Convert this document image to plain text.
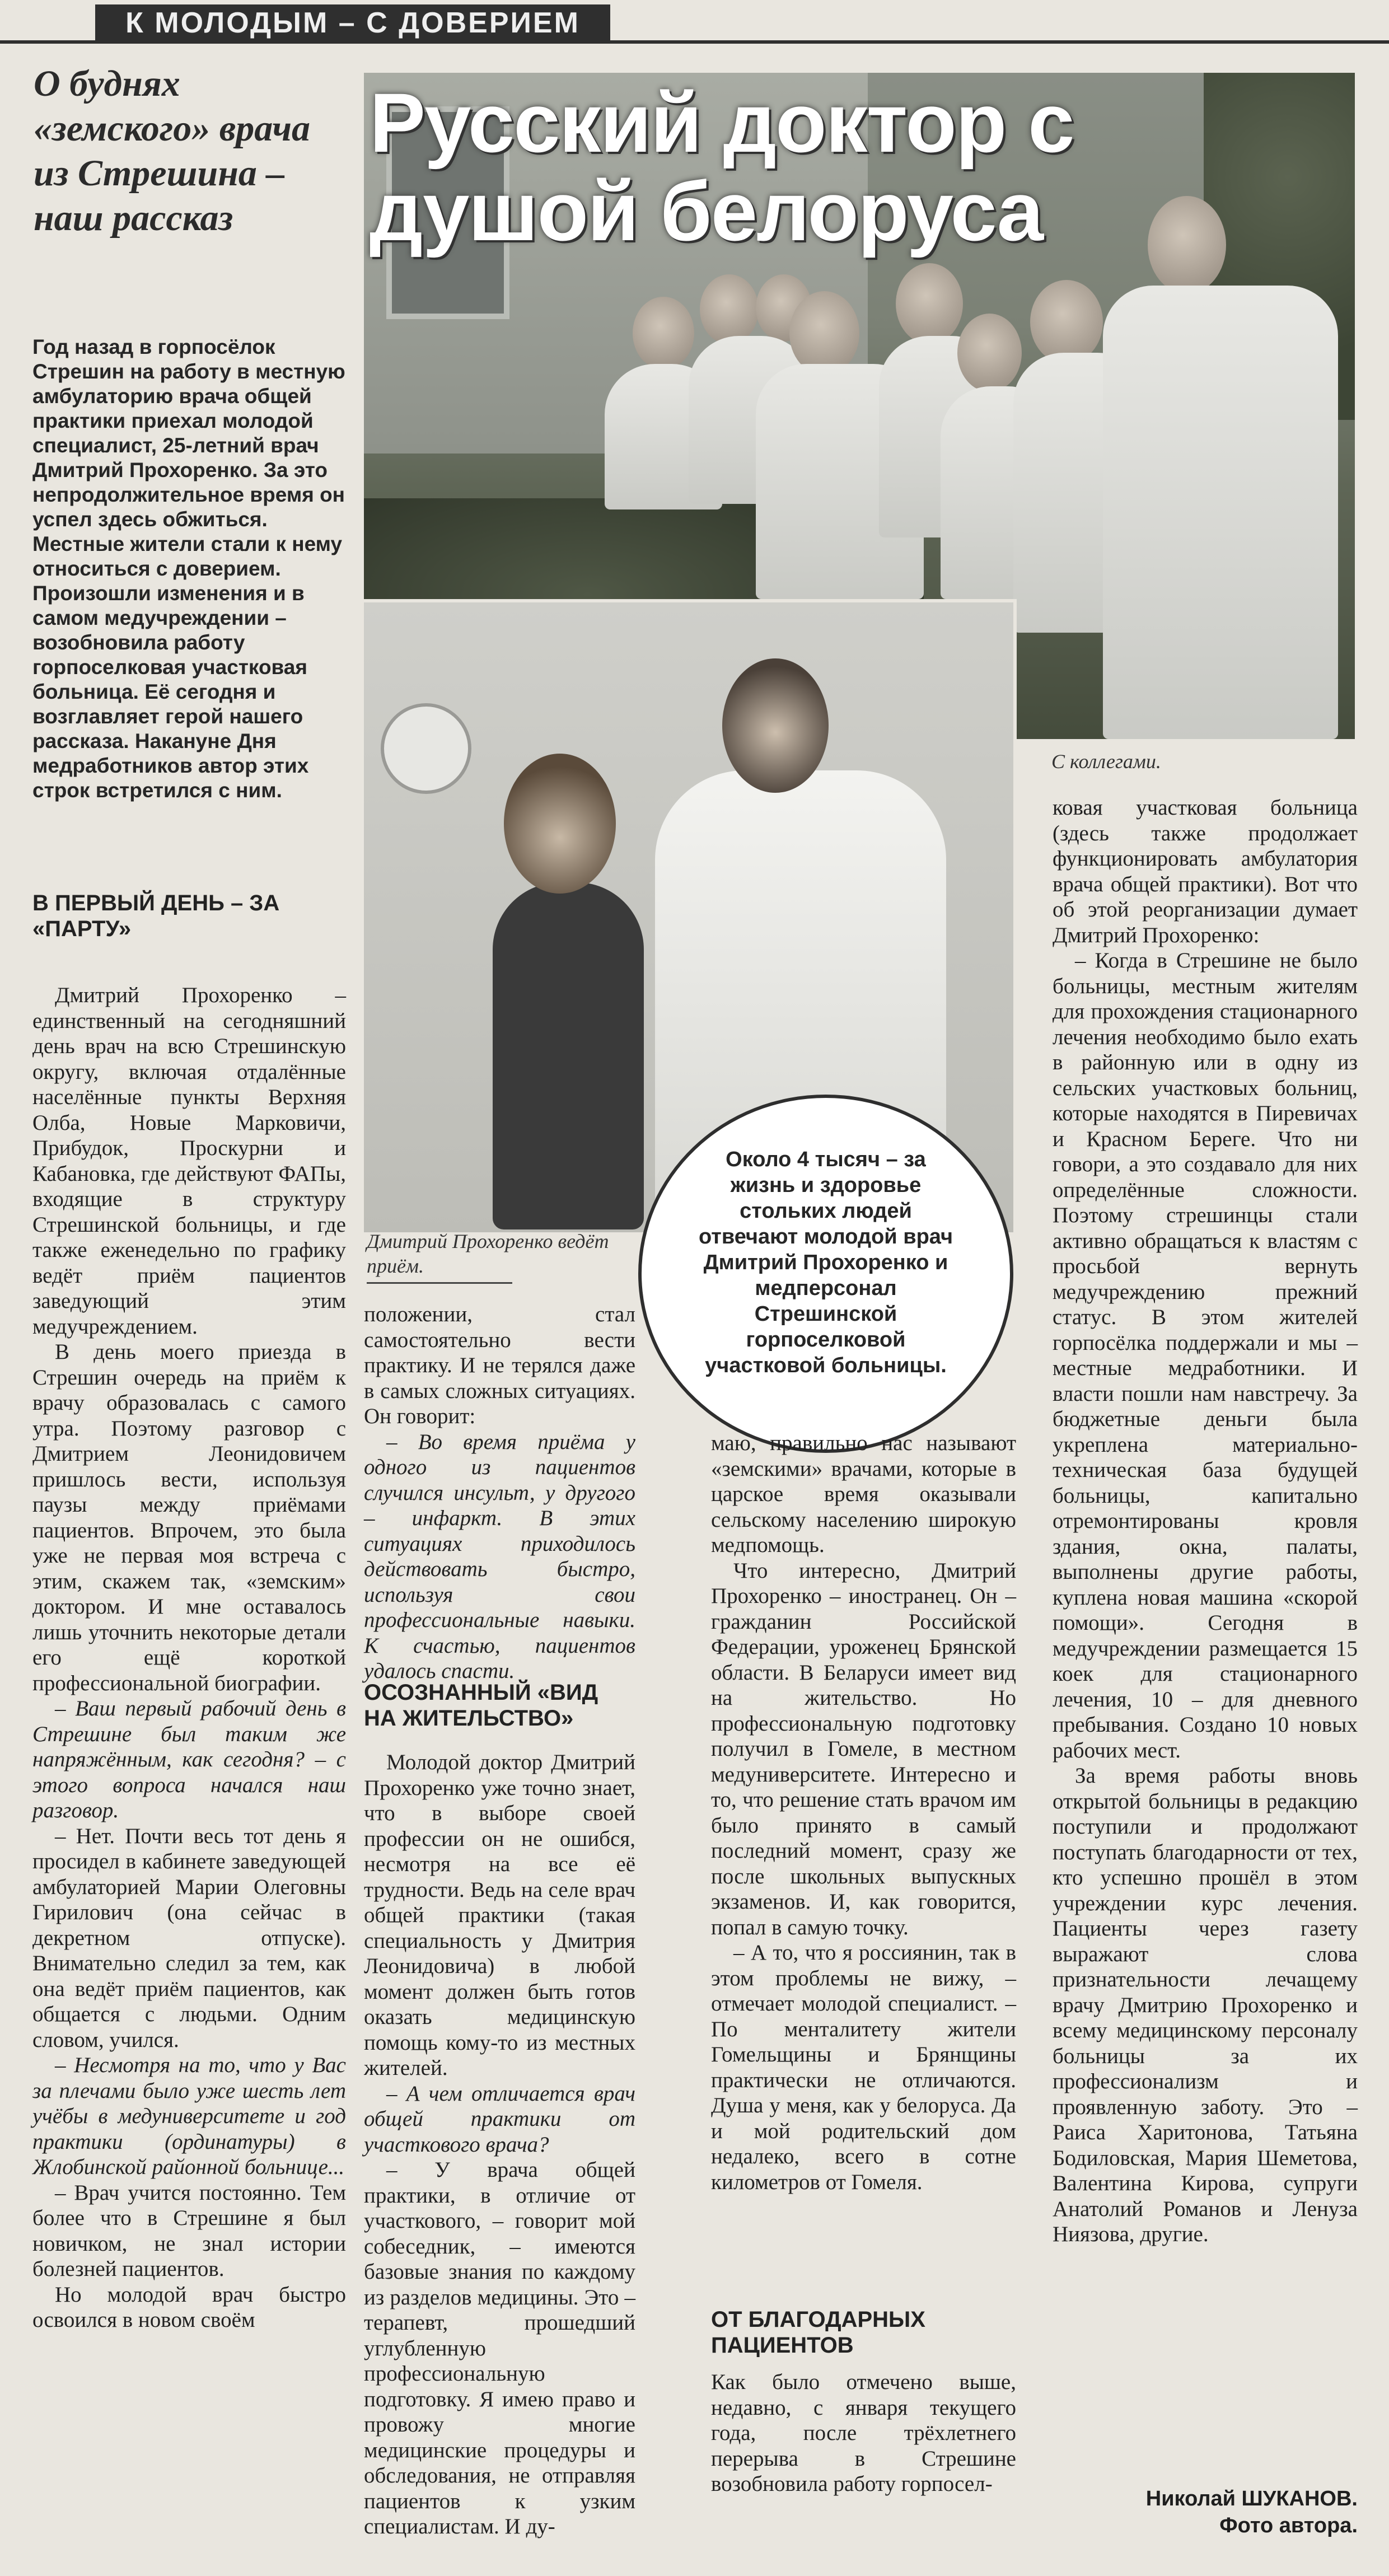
К МОЛОДЫМ – С ДОВЕРИЕМ
О буднях «земского» врача из Стрешина – наш рассказ
Русский доктор с душой белоруса
С коллегами.
Дмитрий Прохоренко ведёт приём.
Около 4 тысяч – за жизнь и здоровье стольких людей отвечают молодой врач Дмитрий Прохоренко и медперсонал Стрешинской горпоселковой участковой больницы.
Год назад в горпосёлок Стрешин на работу в местную амбулаторию врача общей практики приехал молодой специалист, 25-летний врач Дмитрий Прохоренко. За это непродолжительное время он успел здесь обжиться. Местные жители стали к нему относиться с доверием. Произошли изменения и в самом медучреждении – возобновила работу горпоселковая участковая больница. Её сегодня и возглавляет герой нашего рассказа. Накануне Дня медработников автор этих строк встретился с ним.
В ПЕРВЫЙ ДЕНЬ – ЗА «ПАРТУ»

Дмитрий Прохоренко – единственный на сегодняшний день врач на всю Стрешинскую округу, включая отдалённые населённые пункты Верхняя Олба, Новые Марковичи, Прибудок, Проскурни и Кабановка, где действуют ФАПы, входящие в структуру Стрешинской больницы, и где также еженедельно по графику ведёт приём пациентов заведующий этим медучреждением.

В день моего приезда в Стрешин очередь на приём к врачу образовалась с самого утра. Поэтому разговор с Дмитрием Леонидовичем пришлось вести, используя паузы между приёмами пациентов. Впрочем, это была уже не первая моя встреча с этим, скажем так, «земским» доктором. И мне оставалось лишь уточнить некоторые детали его ещё короткой профессиональной биографии.

– Ваш первый рабочий день в Стрешине был таким же напряжённым, как сегодня? – с этого вопроса начался наш разговор.

– Нет. Почти весь тот день я просидел в кабинете заведующей амбулаторией Марии Олеговны Гирилович (она сейчас в декретном отпуске). Внимательно следил за тем, как она ведёт приём пациентов, как общается с людьми. Одним словом, учился.

– Несмотря на то, что у Вас за плечами было уже шесть лет учёбы в медуниверситете и год практики (ординатуры) в Жлобинской районной больнице...

– Врач учится постоянно. Тем более что в Стрешине я был новичком, не знал истории болезней пациентов.

Но молодой врач быстро освоился в новом своём

положении, стал самостоятельно вести практику. И не терялся даже в самых сложных ситуациях. Он говорит:

– Во время приёма у одного из пациентов случился инсульт, у другого – инфаркт. В этих ситуациях приходилось действовать быстро, используя свои профессиональные навыки. К счастью, пациентов удалось спасти.

ОСОЗНАННЫЙ «ВИД НА ЖИТЕЛЬСТВО»

Молодой доктор Дмитрий Прохоренко уже точно знает, что в выборе своей профессии он не ошибся, несмотря на все её трудности. Ведь на селе врач общей практики (такая специальность у Дмитрия Леонидовича) в любой момент должен быть готов оказать медицинскую помощь кому-то из местных жителей.

– А чем отличается врач общей практики от участкового врача?

– У врача общей практики, в отличие от участкового, – говорит мой собеседник, – имеются базовые знания по каждому из разделов медицины. Это – терапевт, прошедший углубленную профессиональную подготовку. Я имею право и провожу многие медицинские процедуры и обследования, не отправляя пациентов к узким специалистам. И ду-

маю, правильно нас называют «земскими» врачами, которые в царское время оказывали сельскому населению широкую медпомощь.

Что интересно, Дмитрий Прохоренко – иностранец. Он – гражданин Российской Федерации, уроженец Брянской области. В Беларуси имеет вид на жительство. Но профессиональную подготовку получил в Гомеле, в местном медуниверситете. Интересно и то, что решение стать врачом им было принято в самый последний момент, сразу же после школьных выпускных экзаменов. И, как говорится, попал в самую точку.

– А то, что я россиянин, так в этом проблемы не вижу, – отмечает молодой специалист. – По менталитету жители Гомельщины и Брянщины практически не отличаются. Душа у меня, как у белоруса. Да и мой родительский дом недалеко, всего в сотне километров от Гомеля.

ОТ БЛАГОДАРНЫХ ПАЦИЕНТОВ

Как было отмечено выше, недавно, с января текущего года, после трёхлетнего перерыва в Стрешине возобновила работу горпосел-

ковая участковая больница (здесь также продолжает функционировать амбулатория врача общей практики). Вот что об этой реорганизации думает Дмитрий Прохоренко:

– Когда в Стрешине не было больницы, местным жителям для прохождения стационарного лечения необходимо было ехать в районную или в одну из сельских участковых больниц, которые находятся в Пиревичах и Красном Береге. Что ни говори, а это создавало для них определённые сложности. Поэтому стрешинцы стали активно обращаться к властям с просьбой вернуть медучреждению прежний статус. В этом жителей горпосёлка поддержали и мы – местные медработники. И власти пошли нам навстречу. За бюджетные деньги была укреплена материально-техническая база будущей больницы, капитально отремонтированы кровля здания, окна, палаты, выполнены другие работы, куплена новая машина «скорой помощи». Сегодня в медучреждении размещается 15 коек для стационарного лечения, 10 – для дневного пребывания. Создано 10 новых рабочих мест.

За время работы вновь открытой больницы в редакцию поступили и продолжают поступать благодарности от тех, кто успешно прошёл в этом учреждении курс лечения. Пациенты через газету выражают слова признательности лечащему врачу Дмитрию Прохоренко и всему медицинскому персоналу больницы за их профессионализм и проявленную заботу. Это – Раиса Харитонова, Татьяна Бодиловская, Мария Шеметова, Валентина Кирова, супруги Анатолий Романов и Ленуза Ниязова, другие.

Николай ШУКАНОВ.
Фото автора.
